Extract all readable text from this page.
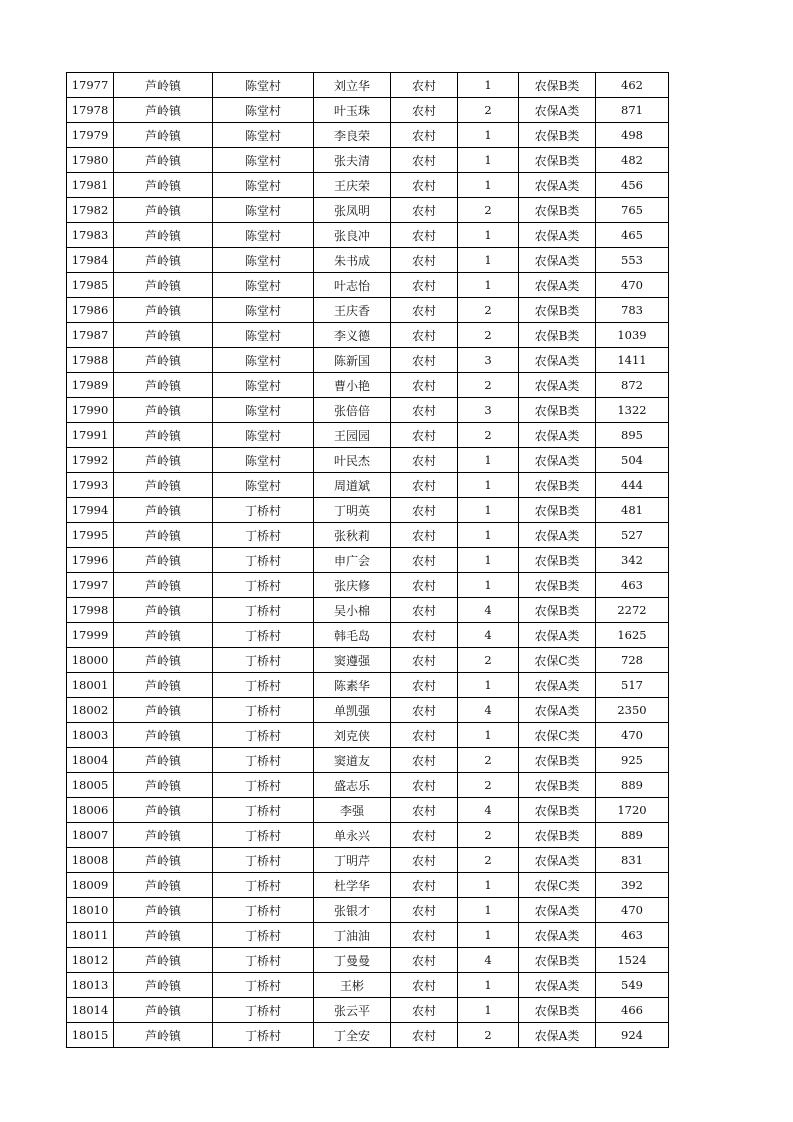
17977	芦岭镇	陈堂村	刘立华	农村	1	农保B类	462
17978	芦岭镇	陈堂村	叶玉珠	农村	2	农保A类	871
17979	芦岭镇	陈堂村	李良荣	农村	1	农保B类	498
17980	芦岭镇	陈堂村	张夫清	农村	1	农保B类	482
17981	芦岭镇	陈堂村	王庆荣	农村	1	农保A类	456
17982	芦岭镇	陈堂村	张凤明	农村	2	农保B类	765
17983	芦岭镇	陈堂村	张良冲	农村	1	农保A类	465
17984	芦岭镇	陈堂村	朱书成	农村	1	农保A类	553
17985	芦岭镇	陈堂村	叶志怡	农村	1	农保A类	470
17986	芦岭镇	陈堂村	王庆香	农村	2	农保B类	783
17987	芦岭镇	陈堂村	李义德	农村	2	农保B类	1039
17988	芦岭镇	陈堂村	陈新国	农村	3	农保A类	1411
17989	芦岭镇	陈堂村	曹小艳	农村	2	农保A类	872
17990	芦岭镇	陈堂村	张倍倍	农村	3	农保B类	1322
17991	芦岭镇	陈堂村	王园园	农村	2	农保A类	895
17992	芦岭镇	陈堂村	叶民杰	农村	1	农保A类	504
17993	芦岭镇	陈堂村	周道斌	农村	1	农保B类	444
17994	芦岭镇	丁桥村	丁明英	农村	1	农保B类	481
17995	芦岭镇	丁桥村	张秋莉	农村	1	农保A类	527
17996	芦岭镇	丁桥村	申广会	农村	1	农保B类	342
17997	芦岭镇	丁桥村	张庆修	农村	1	农保B类	463
17998	芦岭镇	丁桥村	吴小棉	农村	4	农保B类	2272
17999	芦岭镇	丁桥村	韩毛岛	农村	4	农保A类	1625
18000	芦岭镇	丁桥村	窦遵强	农村	2	农保C类	728
18001	芦岭镇	丁桥村	陈素华	农村	1	农保A类	517
18002	芦岭镇	丁桥村	单凯强	农村	4	农保A类	2350
18003	芦岭镇	丁桥村	刘克侠	农村	1	农保C类	470
18004	芦岭镇	丁桥村	窦道友	农村	2	农保B类	925
18005	芦岭镇	丁桥村	盛志乐	农村	2	农保B类	889
18006	芦岭镇	丁桥村	李强	农村	4	农保B类	1720
18007	芦岭镇	丁桥村	单永兴	农村	2	农保B类	889
18008	芦岭镇	丁桥村	丁明芹	农村	2	农保A类	831
18009	芦岭镇	丁桥村	杜学华	农村	1	农保C类	392
18010	芦岭镇	丁桥村	张银才	农村	1	农保A类	470
18011	芦岭镇	丁桥村	丁油油	农村	1	农保A类	463
18012	芦岭镇	丁桥村	丁曼曼	农村	4	农保B类	1524
18013	芦岭镇	丁桥村	王彬	农村	1	农保A类	549
18014	芦岭镇	丁桥村	张云平	农村	1	农保B类	466
18015	芦岭镇	丁桥村	丁全安	农村	2	农保A类	924
